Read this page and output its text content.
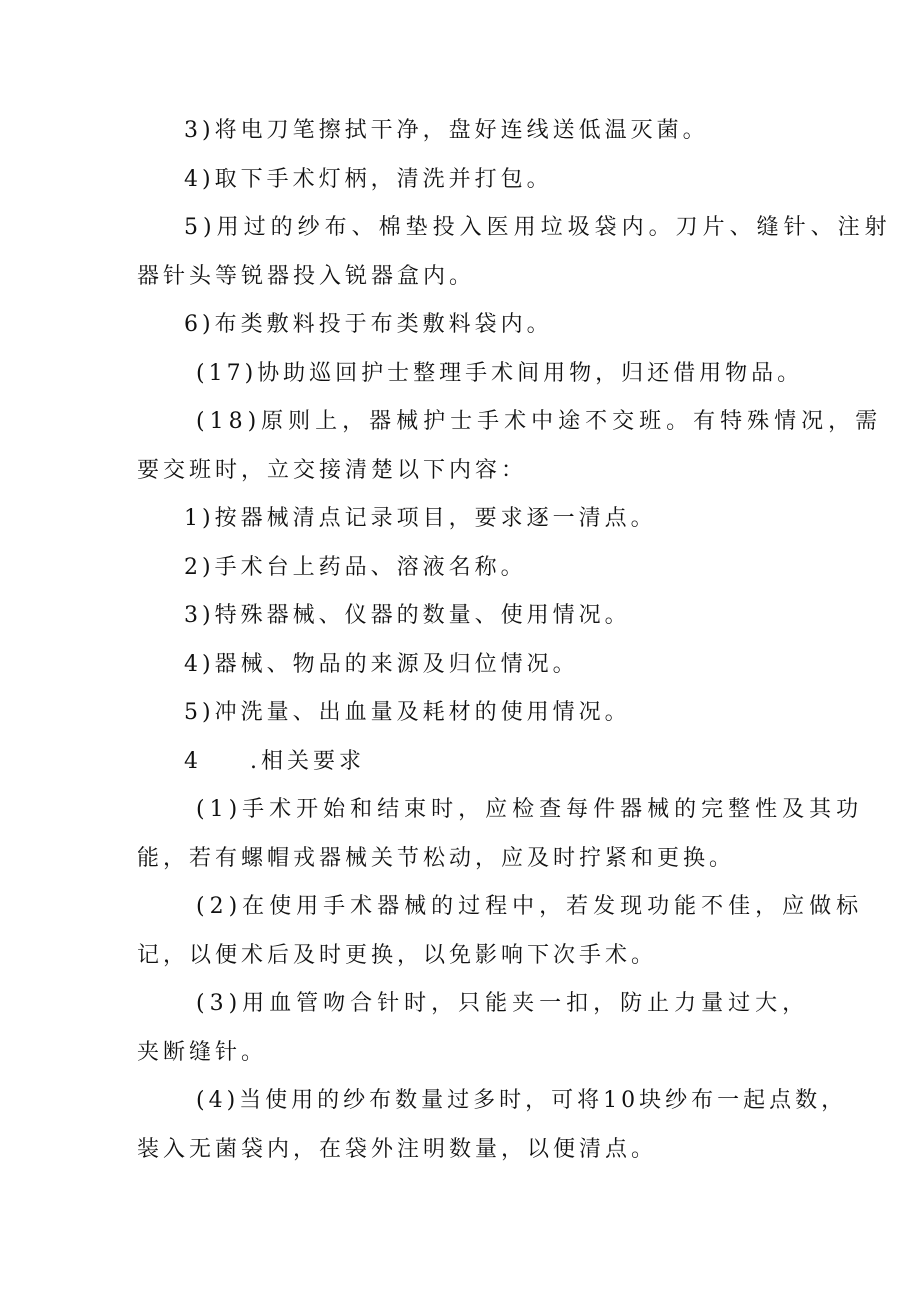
3)将电刀笔擦拭干净，盘好连线送低温灭菌。
4)取下手术灯柄，清洗并打包。
5)用过的纱布、棉垫投入医用垃圾袋内。刀片、缝针、注射
器针头等锐器投入锐器盒内。
6)布类敷料投于布类敷料袋内。
(17)协助巡回护士整理手术间用物，归还借用物品。
(18)原则上，器械护士手术中途不交班。有特殊情况，需
要交班时，立交接清楚以下内容：
1)按器械清点记录项目，要求逐一清点。
2)手术台上药品、溶液名称。
3)特殊器械、仪器的数量、使用情况。
4)器械、物品的来源及归位情况。
5)冲洗量、出血量及耗材的使用情况。
4 .相关要求
(1)手术开始和结束时，应检查每件器械的完整性及其功
能，若有螺帽戎器械关节松动，应及时拧紧和更换。
(2)在使用手术器械的过程中，若发现功能不佳，应做标
记，以便术后及时更换，以免影响下次手术。
(3)用血管吻合针时，只能夹一扣，防止力量过大，
夹断缝针。
(4)当使用的纱布数量过多时，可将10块纱布一起点数，
装入无菌袋内，在袋外注明数量，以便清点。
